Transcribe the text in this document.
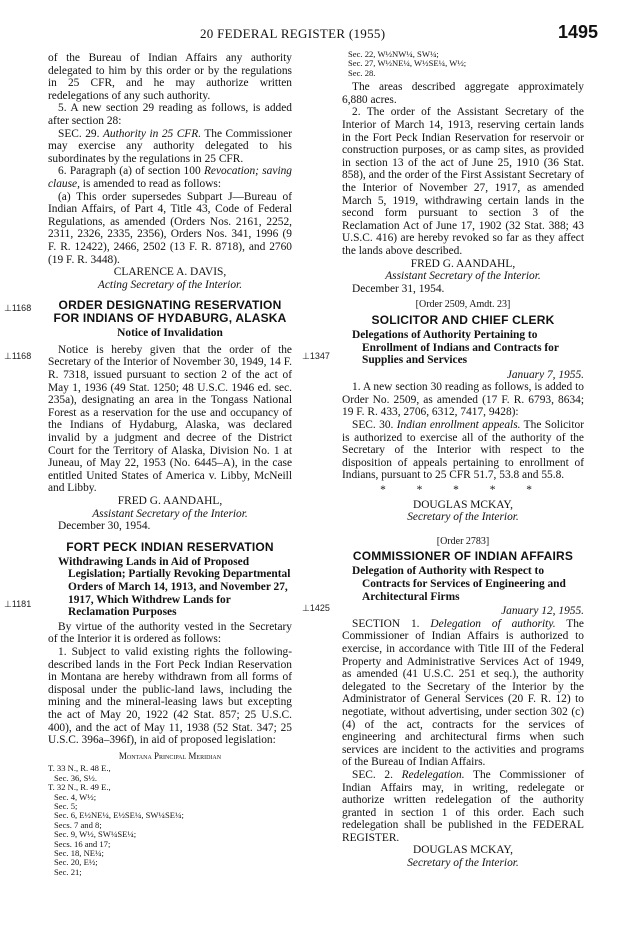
20 FEDERAL REGISTER (1955)	1495
⊥1168
⊥1168
⊥1181
⊥1347
⊥1425

of the Bureau of Indian Affairs any authority delegated to him by this order or by the regulations in 25 CFR, and he may authorize written redelegations of any such authority.

5. A new section 29 reading as follows, is added after section 28:

SEC. 29. Authority in 25 CFR. The Commissioner may exercise any authority delegated to his subordinates by the regulations in 25 CFR.

6. Paragraph (a) of section 100 Revocation; saving clause, is amended to read as follows:

(a) This order supersedes Subpart J—Bureau of Indian Affairs, of Part 4, Title 43, Code of Federal Regulations, as amended (Orders Nos. 2161, 2252, 2311, 2326, 2335, 2356), Orders Nos. 341, 1996 (9 F. R. 12422), 2466, 2502 (13 F. R. 8718), and 2760 (19 F. R. 3448).

CLARENCE A. DAVIS,

Acting Secretary of the Interior.

ORDER DESIGNATING RESERVATION FOR INDIANS OF HYDABURG, ALASKA
Notice of Invalidation

Notice is hereby given that the order of the Secretary of the Interior of November 30, 1949, 14 F. R. 7318, issued pursuant to section 2 of the act of May 1, 1936 (49 Stat. 1250; 48 U.S.C. 1946 ed. sec. 235a), designating an area in the Tongass National Forest as a reservation for the use and occupancy of the Indians of Hydaburg, Alaska, was declared invalid by a judgment and decree of the District Court for the Territory of Alaska, Division No. 1 at Juneau, of May 22, 1953 (No. 6445–A), in the case entitled United States of America v. Libby, McNeill and Libby.

FRED G. AANDAHL,

Assistant Secretary of the Interior.

December 30, 1954.

FORT PECK INDIAN RESERVATION
Withdrawing Lands in Aid of Proposed Legislation; Partially Revoking Departmental Orders of March 14, 1913, and November 27, 1917, Which Withdrew Lands for Reclamation Purposes

By virtue of the authority vested in the Secretary of the Interior it is ordered as follows:

1. Subject to valid existing rights the following-described lands in the Fort Peck Indian Reservation in Montana are hereby withdrawn from all forms of disposal under the public-land laws, including the mining and the mineral-leasing laws but excepting the act of May 20, 1922 (42 Stat. 857; 25 U.S.C. 400), and the act of May 11, 1938 (52 Stat. 347; 25 U.S.C. 396a–396f), in aid of proposed legislation:

Montana Principal Meridian

T. 33 N., R. 48 E.,

Sec. 36, S½.

T. 32 N., R. 49 E.,

Sec. 4, W½;

Sec. 5;

Sec. 6, E½NE¼, E½SE¼, SW¼SE¼;

Secs. 7 and 8;

Sec. 9, W½, SW¼SE¼;

Secs. 16 and 17;

Sec. 18, NE¼;

Sec. 20, E½;

Sec. 21;

Sec. 22, W½NW¼, SW¼;

Sec. 27, W½NE¼, W½SE¼, W½;

Sec. 28.

The areas described aggregate approximately 6,880 acres.

2. The order of the Assistant Secretary of the Interior of March 14, 1913, reserving certain lands in the Fort Peck Indian Reservation for reservoir or construction purposes, or as camp sites, as provided in section 13 of the act of June 25, 1910 (36 Stat. 858), and the order of the First Assistant Secretary of the Interior of November 27, 1917, as amended March 5, 1919, withdrawing certain lands in the second form pursuant to section 3 of the Reclamation Act of June 17, 1902 (32 Stat. 388; 43 U.S.C. 416) are hereby revoked so far as they affect the lands above described.

FRED G. AANDAHL,

Assistant Secretary of the Interior.

December 31, 1954.

[Order 2509, Amdt. 23]
SOLICITOR AND CHIEF CLERK
Delegations of Authority Pertaining to Enrollment of Indians and Contracts for Supplies and Services

January 7, 1955.

1. A new section 30 reading as follows, is added to Order No. 2509, as amended (17 F. R. 6793, 8634; 19 F. R. 433, 2706, 6312, 7417, 9428):

SEC. 30. Indian enrollment appeals. The Solicitor is authorized to exercise all of the authority of the Secretary of the Interior with respect to the disposition of appeals pertaining to enrollment of Indians, pursuant to 25 CFR 51.7, 53.8 and 55.8.

* * * * *

DOUGLAS MCKAY,

Secretary of the Interior.

[Order 2783]
COMMISSIONER OF INDIAN AFFAIRS
Delegation of Authority with Respect to Contracts for Services of Engineering and Architectural Firms

January 12, 1955.

SECTION 1. Delegation of authority. The Commissioner of Indian Affairs is authorized to exercise, in accordance with Title III of the Federal Property and Administrative Services Act of 1949, as amended (41 U.S.C. 251 et seq.), the authority delegated to the Secretary of the Interior by the Administrator of General Services (20 F. R. 12) to negotiate, without advertising, under section 302 (c) (4) of the act, contracts for the services of engineering and architectural firms when such services are incident to the activities and programs of the Bureau of Indian Affairs.

SEC. 2. Redelegation. The Commissioner of Indian Affairs may, in writing, redelegate or authorize written redelegation of the authority granted in section 1 of this order. Each such redelegation shall be published in the FEDERAL REGISTER.

DOUGLAS MCKAY,

Secretary of the Interior.
